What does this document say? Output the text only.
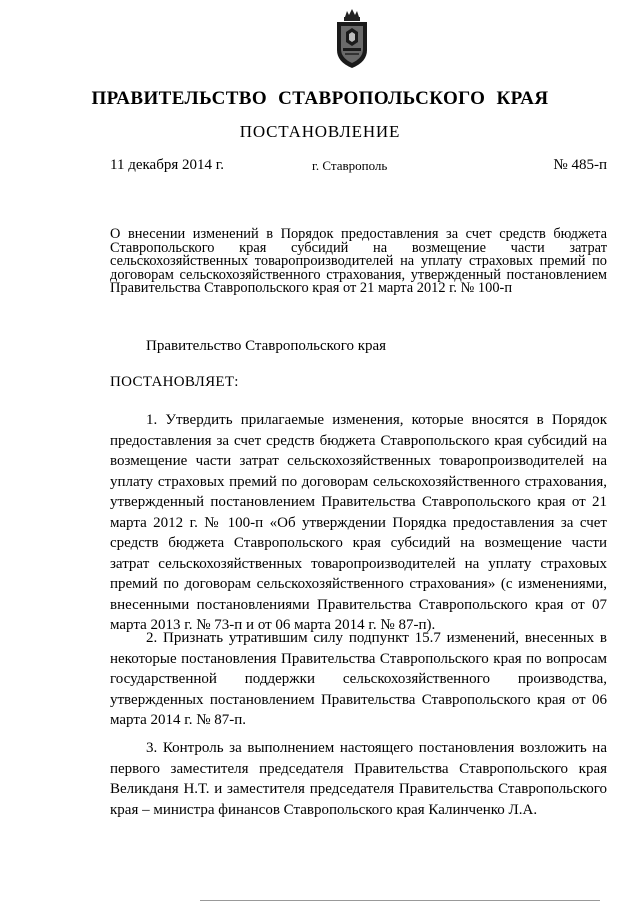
ПРАВИТЕЛЬСТВО СТАВРОПОЛЬСКОГО КРАЯ
ПОСТАНОВЛЕНИЕ
11 декабря 2014 г.	г. Ставрополь	№ 485-п
О внесении изменений в Порядок предоставления за счет средств бюджета Ставропольского края субсидий на возмещение части затрат сельскохозяйственных товаропроизводителей на уплату страховых премий по договорам сельскохозяйственного страхования, утвержденный постановлением Правительства Ставропольского края от 21 марта 2012 г. № 100-п
Правительство Ставропольского края
ПОСТАНОВЛЯЕТ:
1. Утвердить прилагаемые изменения, которые вносятся в Порядок предоставления за счет средств бюджета Ставропольского края субсидий на возмещение части затрат сельскохозяйственных товаропроизводителей на уплату страховых премий по договорам сельскохозяйственного страхования, утвержденный постановлением Правительства Ставропольского края от 21 марта 2012 г. № 100-п «Об утверждении Порядка предоставления за счет средств бюджета Ставропольского края субсидий на возмещение части затрат сельскохозяйственных товаропроизводителей на уплату страховых премий по договорам сельскохозяйственного страхования» (с изменениями, внесенными постановлениями Правительства Ставропольского края от 07 марта 2013 г. № 73-п и от 06 марта 2014 г. № 87-п).
2. Признать утратившим силу подпункт 15.7 изменений, внесенных в некоторые постановления Правительства Ставропольского края по вопросам государственной поддержки сельскохозяйственного производства, утвержденных постановлением Правительства Ставропольского края от 06 марта 2014 г. № 87-п.
3. Контроль за выполнением настоящего постановления возложить на первого заместителя председателя Правительства Ставропольского края Великданя Н.Т. и заместителя председателя Правительства Ставропольского края – министра финансов Ставропольского края Калинченко Л.А.
